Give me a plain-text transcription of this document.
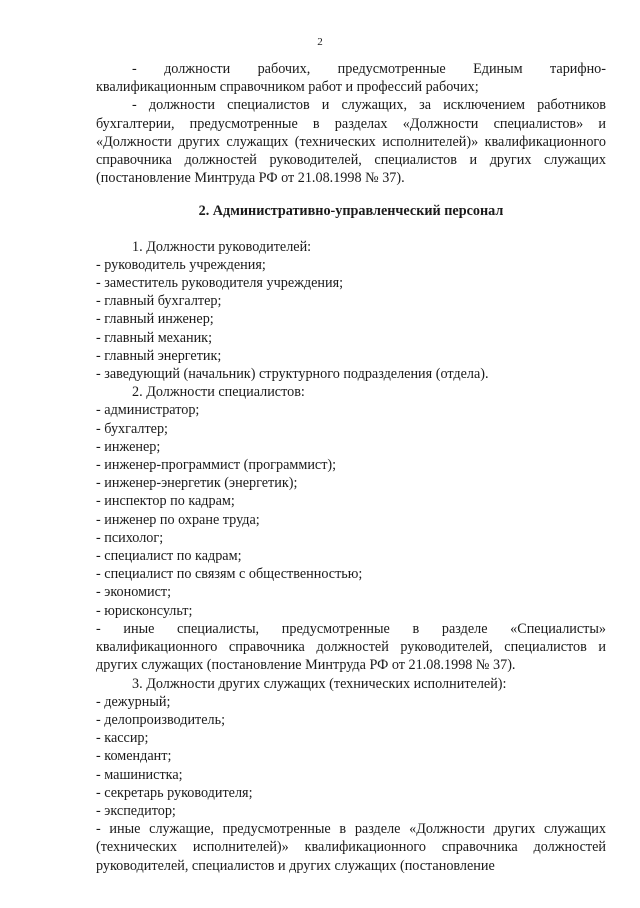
2

- должности рабочих, предусмотренные Единым тарифно-квалификационным справочником работ и профессий рабочих;

- должности специалистов и служащих, за исключением работников бухгалтерии, предусмотренные в разделах «Должности специалистов» и «Должности других служащих (технических исполнителей)» квалификационного справочника должностей руководителей, специалистов и других служащих (постановление Минтруда РФ от 21.08.1998 № 37).

2. Административно-управленческий персонал

1. Должности руководителей:

- руководитель учреждения;
- заместитель руководителя учреждения;
- главный бухгалтер;
- главный инженер;
- главный механик;
- главный энергетик;
- заведующий (начальник) структурного подразделения (отдела).

2. Должности специалистов:

- администратор;
- бухгалтер;
- инженер;
- инженер-программист (программист);
- инженер-энергетик (энергетик);
- инспектор по кадрам;
- инженер по охране труда;
- психолог;
- специалист по кадрам;
- специалист по связям с общественностью;
- экономист;
- юрисконсульт;

- иные специалисты, предусмотренные в разделе «Специалисты» квалификационного справочника должностей руководителей, специалистов и других служащих (постановление Минтруда РФ от 21.08.1998 № 37).

3. Должности других служащих (технических исполнителей):

- дежурный;
- делопроизводитель;
- кассир;
- комендант;
- машинистка;
- секретарь руководителя;
- экспедитор;

- иные служащие, предусмотренные в разделе «Должности других служащих (технических исполнителей)» квалификационного справочника должностей руководителей, специалистов и других служащих (постановление
